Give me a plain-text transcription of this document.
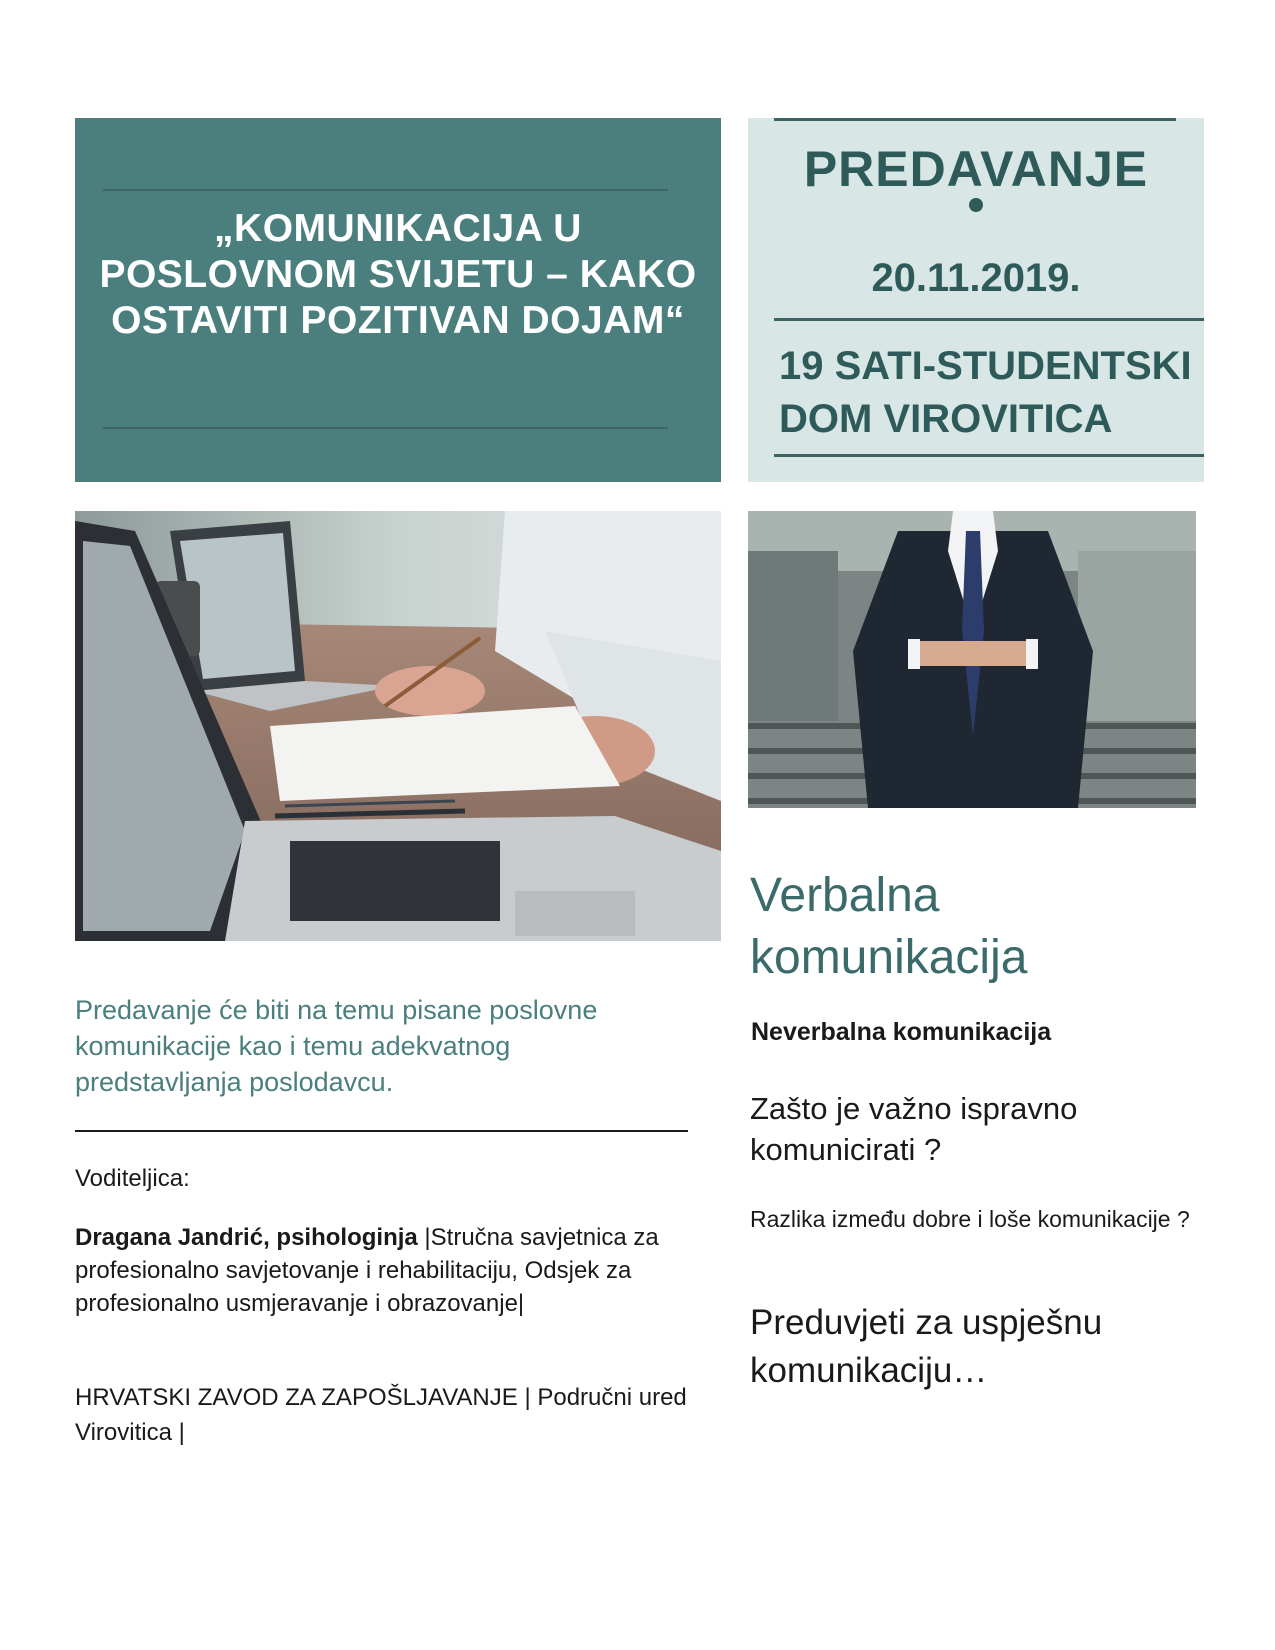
„KOMUNIKACIJA U POSLOVNOM SVIJETU – KAKO OSTAVITI POZITIVAN DOJAM“
PREDAVANJE
20.11.2019.
19 SATI-STUDENTSKI DOM VIROVITICA
Predavanje će biti na temu pisane poslovne komunikacije kao i temu adekvatnog predstavljanja poslodavcu.
Voditeljica:
Dragana Jandrić, psihologinja |Stručna savjetnica za profesionalno savjetovanje i rehabilitaciju, Odsjek za profesionalno usmjeravanje i obrazovanje|
HRVATSKI ZAVOD ZA ZAPOŠLJAVANJE | Područni ured Virovitica |
Verbalna komunikacija
Neverbalna komunikacija
Zašto je važno ispravno komunicirati ?
Razlika između dobre i loše komunikacije ?
Preduvjeti za uspješnu komunikaciju…
